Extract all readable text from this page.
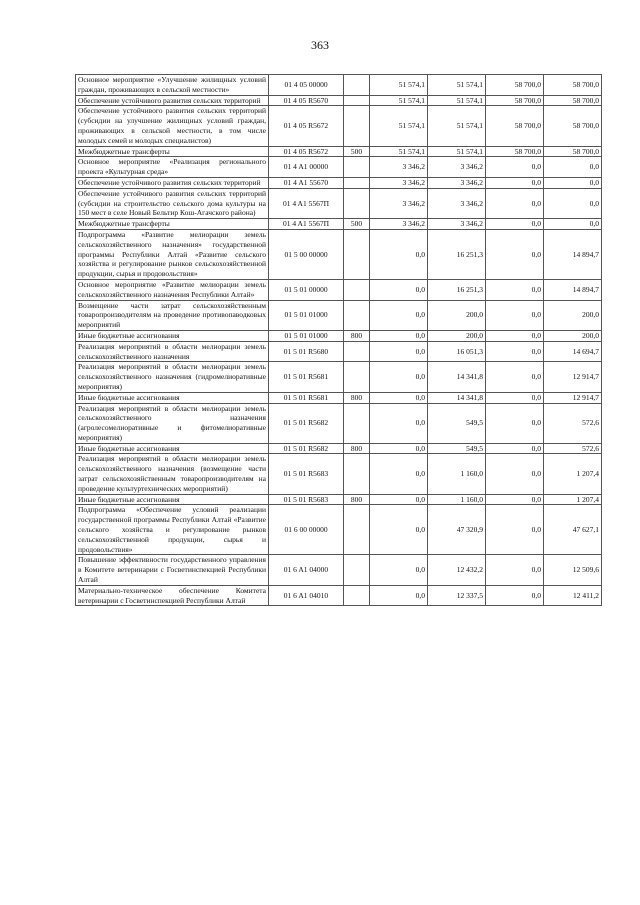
363
Основное мероприятие «Улучшение жилищных условий граждан, проживающих в сельской местности»	01 4 05 00000		51 574,1	51 574,1	58 700,0	58 700,0
Обеспечение устойчивого развития сельских территорий	01 4 05 R5670		51 574,1	51 574,1	58 700,0	58 700,0
Обеспечение устойчивого развития сельских территорий (субсидии на улучшение жилищных условий граждан, проживающих в сельской местности, в том числе молодых семей и молодых специалистов)	01 4 05 R5672		51 574,1	51 574,1	58 700,0	58 700,0
Межбюджетные трансферты	01 4 05 R5672	500	51 574,1	51 574,1	58 700,0	58 700,0
Основное мероприятие «Реализация регионального проекта «Культурная среда»	01 4 A1 00000		3 346,2	3 346,2	0,0	0,0
Обеспечение устойчивого развития сельских территорий	01 4 A1 55670		3 346,2	3 346,2	0,0	0,0
Обеспечение устойчивого развития сельских территорий (субсидии на строительство сельского дома культуры на 150 мест в селе Новый Бельтир Кош-Агачского района)	01 4 A1 5567П		3 346,2	3 346,2	0,0	0,0
Межбюджетные трансферты	01 4 A1 5567П	500	3 346,2	3 346,2	0,0	0,0
Подпрограмма «Развитие мелиорации земель сельскохозяйственного назначения» государственной программы Республики Алтай «Развитие сельского хозяйства и регулирование рынков сельскохозяйственной продукции, сырья и продовольствия»	01 5 00 00000		0,0	16 251,3	0,0	14 894,7
Основное мероприятие «Развитие мелиорации земель сельскохозяйственного назначения Республики Алтай»	01 5 01 00000		0,0	16 251,3	0,0	14 894,7
Возмещение части затрат сельскохозяйственным товаропроизводителям на проведение противопаводковых мероприятий	01 5 01 01000		0,0	200,0	0,0	200,0
Иные бюджетные ассигнования	01 5 01 01000	800	0,0	200,0	0,0	200,0
Реализация мероприятий в области мелиорации земель сельскохозяйственного назначения	01 5 01 R5680		0,0	16 051,3	0,0	14 694,7
Реализация мероприятий в области мелиорации земель сельскохозяйственного назначения (гидромелиоративные мероприятия)	01 5 01 R5681		0,0	14 341,8	0,0	12 914,7
Иные бюджетные ассигнования	01 5 01 R5681	800	0,0	14 341,8	0,0	12 914,7
Реализация мероприятий в области мелиорации земель сельскохозяйственного назначения (агролесомелиоративные и фитомелиоративные мероприятия)	01 5 01 R5682		0,0	549,5	0,0	572,6
Иные бюджетные ассигнования	01 5 01 R5682	800	0,0	549,5	0,0	572,6
Реализация мероприятий в области мелиорации земель сельскохозяйственного назначения (возмещение части затрат сельскохозяйственным товаропроизводителям на проведение культуртехнических мероприятий)	01 5 01 R5683		0,0	1 160,0	0,0	1 207,4
Иные бюджетные ассигнования	01 5 01 R5683	800	0,0	1 160,0	0,0	1 207,4
Подпрограмма «Обеспечение условий реализации государственной программы Республики Алтай «Развитие сельского хозяйства и регулирование рынков сельскохозяйственной продукции, сырья и продовольствия»	01 6 00 00000		0,0	47 320,9	0,0	47 627,1
Повышение эффективности государственного управления в Комитете ветеринарии с Госветинспекцией Республики Алтай	01 6 A1 04000		0,0	12 432,2	0,0	12 509,6
Материально-техническое обеспечение Комитета ветеринарии с Госветинспекцией Республики Алтай	01 6 A1 04010		0,0	12 337,5	0,0	12 411,2
